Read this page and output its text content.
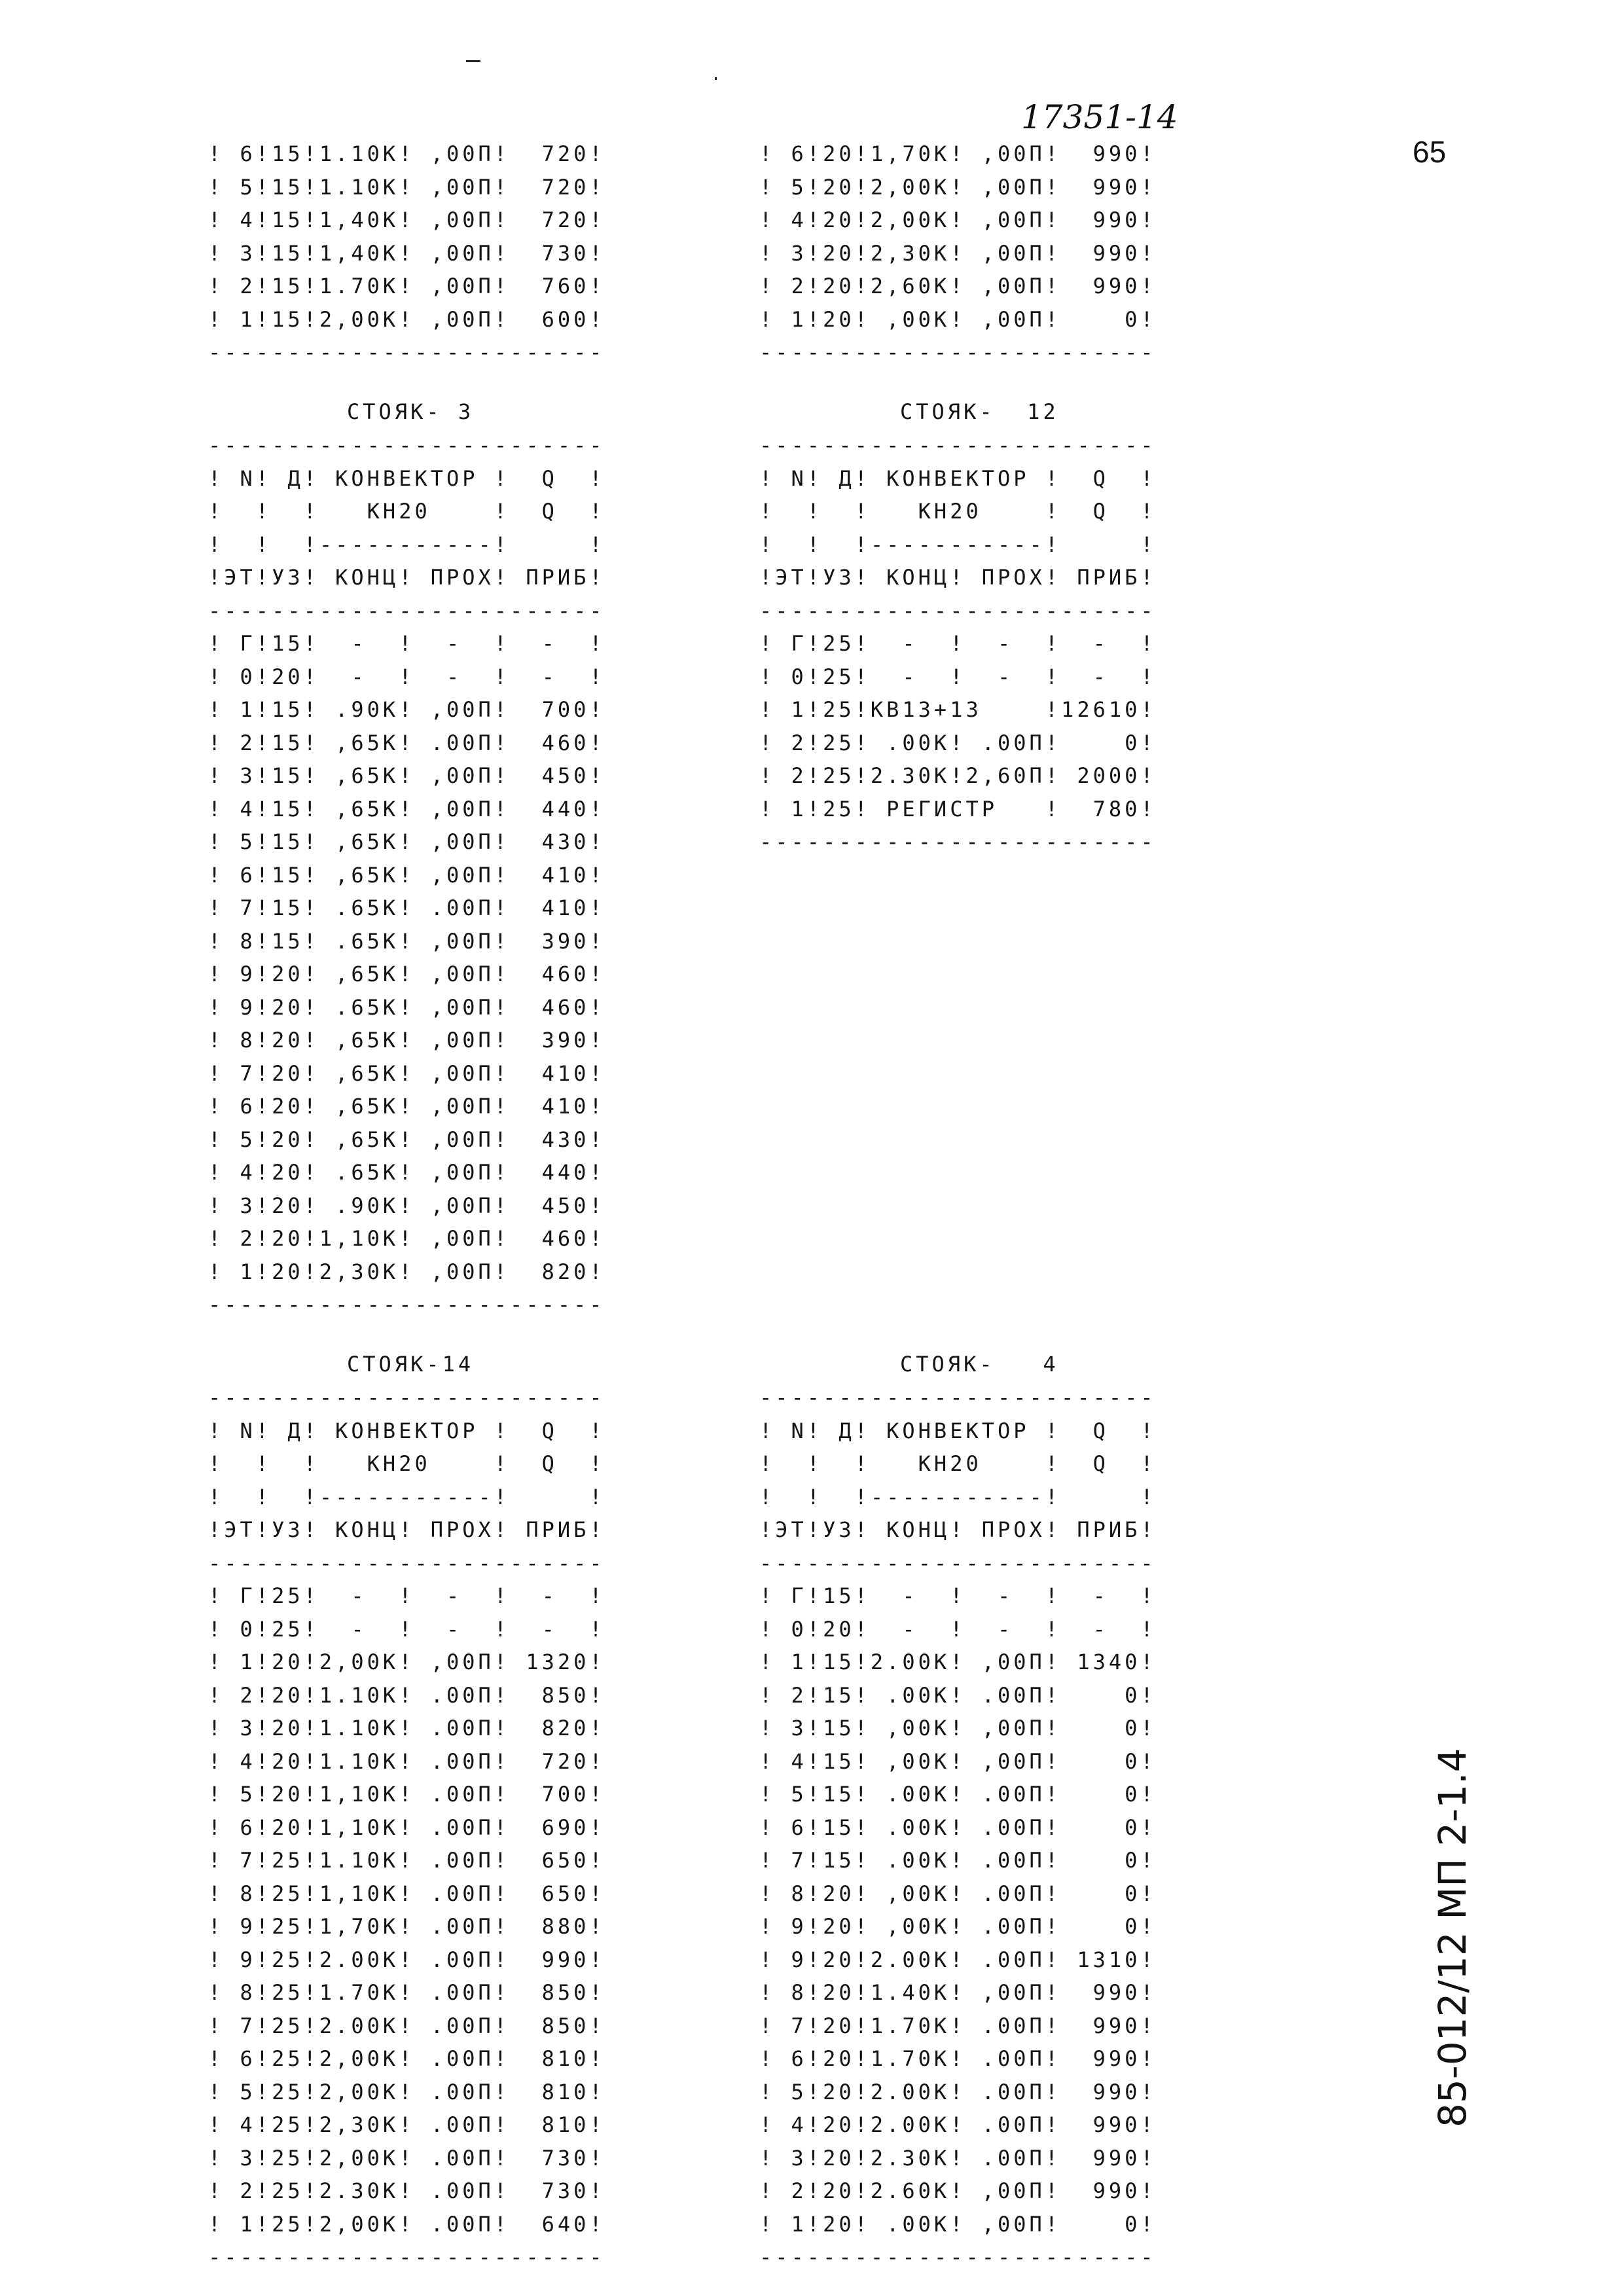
17351-14
65
! 6!15!1.10К! ,00П!  720!
! 5!15!1.10К! ,00П!  720!
! 4!15!1,40К! ,00П!  720!
! 3!15!1,40К! ,00П!  730!
! 2!15!1.70К! ,00П!  760!
! 1!15!2,00К! ,00П!  600!
-------------------------
! 6!20!1,70К! ,00П!  990!
! 5!20!2,00К! ,00П!  990!
! 4!20!2,00К! ,00П!  990!
! 3!20!2,30К! ,00П!  990!
! 2!20!2,60К! ,00П!  990!
! 1!20! ,00К! ,00П!    0!
-------------------------
СТОЯК- 3
-------------------------
! N! Д! КОНВЕКТОР !  Q  !
!  !  !   КН20    !  Q  !
!  !  !-----------!     !
!ЭТ!УЗ! КОНЦ! ПРОХ! ПРИБ!
-------------------------
! Г!15!  -  !  -  !  -  !
! 0!20!  -  !  -  !  -  !
! 1!15! .90К! ,00П!  700!
! 2!15! ,65К! .00П!  460!
! 3!15! ,65К! ,00П!  450!
! 4!15! ,65К! ,00П!  440!
! 5!15! ,65К! ,00П!  430!
! 6!15! ,65К! ,00П!  410!
! 7!15! .65К! .00П!  410!
! 8!15! .65К! ,00П!  390!
! 9!20! ,65К! ,00П!  460!
! 9!20! .65К! ,00П!  460!
! 8!20! ,65К! ,00П!  390!
! 7!20! ,65К! ,00П!  410!
! 6!20! ,65К! ,00П!  410!
! 5!20! ,65К! ,00П!  430!
! 4!20! .65К! ,00П!  440!
! 3!20! .90К! ,00П!  450!
! 2!20!1,10К! ,00П!  460!
! 1!20!2,30К! ,00П!  820!
-------------------------
СТОЯК-  12
-------------------------
! N! Д! КОНВЕКТОР !  Q  !
!  !  !   КН20    !  Q  !
!  !  !-----------!     !
!ЭТ!УЗ! КОНЦ! ПРОХ! ПРИБ!
-------------------------
! Г!25!  -  !  -  !  -  !
! 0!25!  -  !  -  !  -  !
! 1!25!КВ13+13    !12610!
! 2!25! .00К! .00П!    0!
! 2!25!2.30К!2,60П! 2000!
! 1!25! РЕГИСТР   !  780!
-------------------------
СТОЯК-14
-------------------------
! N! Д! КОНВЕКТОР !  Q  !
!  !  !   КН20    !  Q  !
!  !  !-----------!     !
!ЭТ!УЗ! КОНЦ! ПРОХ! ПРИБ!
-------------------------
! Г!25!  -  !  -  !  -  !
! 0!25!  -  !  -  !  -  !
! 1!20!2,00К! ,00П! 1320!
! 2!20!1.10К! .00П!  850!
! 3!20!1.10К! .00П!  820!
! 4!20!1.10К! .00П!  720!
! 5!20!1,10К! .00П!  700!
! 6!20!1,10К! .00П!  690!
! 7!25!1.10К! .00П!  650!
! 8!25!1,10К! .00П!  650!
! 9!25!1,70К! .00П!  880!
! 9!25!2.00К! .00П!  990!
! 8!25!1.70К! .00П!  850!
! 7!25!2.00К! .00П!  850!
! 6!25!2,00К! .00П!  810!
! 5!25!2,00К! .00П!  810!
! 4!25!2,30К! .00П!  810!
! 3!25!2,00К! .00П!  730!
! 2!25!2.30К! .00П!  730!
! 1!25!2,00К! .00П!  640!
-------------------------
СТОЯК-   4
-------------------------
! N! Д! КОНВЕКТОР !  Q  !
!  !  !   КН20    !  Q  !
!  !  !-----------!     !
!ЭТ!УЗ! КОНЦ! ПРОХ! ПРИБ!
-------------------------
! Г!15!  -  !  -  !  -  !
! 0!20!  -  !  -  !  -  !
! 1!15!2.00К! ,00П! 1340!
! 2!15! .00К! .00П!    0!
! 3!15! ,00К! ,00П!    0!
! 4!15! ,00К! ,00П!    0!
! 5!15! .00К! .00П!    0!
! 6!15! .00К! .00П!    0!
! 7!15! .00К! .00П!    0!
! 8!20! ,00К! .00П!    0!
! 9!20! ,00К! .00П!    0!
! 9!20!2.00К! .00П! 1310!
! 8!20!1.40К! ,00П!  990!
! 7!20!1.70К! .00П!  990!
! 6!20!1.70К! .00П!  990!
! 5!20!2.00К! .00П!  990!
! 4!20!2.00К! .00П!  990!
! 3!20!2.30К! .00П!  990!
! 2!20!2.60К! ,00П!  990!
! 1!20! .00К! ,00П!    0!
-------------------------
85-012/12 МП 2-1.4
